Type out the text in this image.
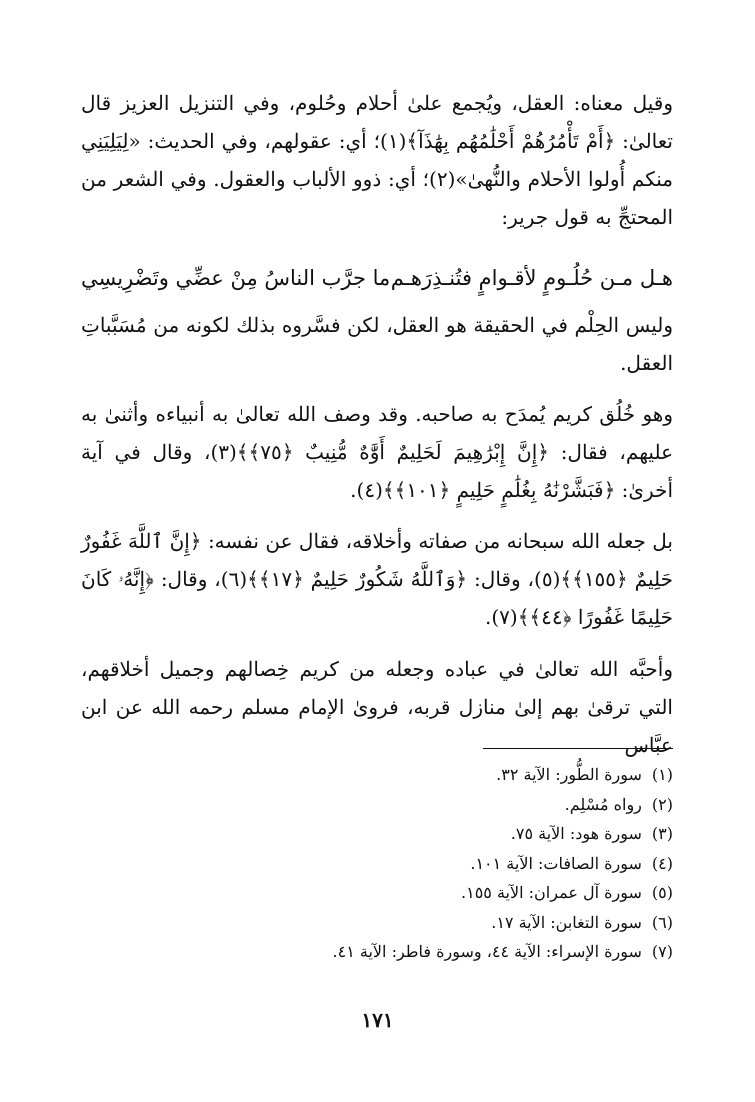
وقيل معناه: العقل، ويُجمع علىٰ أحلام وحُلوم، وفي التنزيل العزيز قال تعالىٰ: ﴿أَمْ تَأْمُرُهُمْ أَحْلَٰمُهُم بِهَٰذَآ﴾(١)؛ أي: عقولهم، وفي الحديث: «لِيَلِيَنِي منكم أُولوا الأحلام والنُّهىٰ»(٢)؛ أي: ذوو الألباب والعقول. وفي الشعر من المحتجِّ به قول جرير:

هـل مـن حُلُـومٍ لأقـوامٍ فتُنـذِرَهـم
ما جرَّب الناسُ مِنْ عضِّي وتَضْرِيسِي

وليس الحِلْم في الحقيقة هو العقل، لكن فسَّروه بذلك لكونه من مُسَبَّباتِ العقل.

وهو خُلُق كريم يُمدَح به صاحبه. وقد وصف الله تعالىٰ به أنبياءه وأثنىٰ به عليهم، فقال: ﴿إِنَّ إِبْرَٰهِيمَ لَحَلِيمٌ أَوَّٰهٌ مُّنِيبٌ ﴿٧٥﴾﴾(٣)، وقال في آية أخرىٰ: ﴿فَبَشَّرْنَٰهُ بِغُلَٰمٍ حَلِيمٍ ﴿١٠١﴾﴾(٤).

بل جعله الله سبحانه من صفاته وأخلاقه، فقال عن نفسه: ﴿إِنَّ ٱللَّهَ غَفُورٌ حَلِيمٌ ﴿١٥٥﴾﴾(٥)، وقال: ﴿وَٱللَّهُ شَكُورٌ حَلِيمٌ ﴿١٧﴾﴾(٦)، وقال: ﴿إِنَّهُۥ كَانَ حَلِيمًا غَفُورًا ﴿٤٤﴾﴾(٧).

وأحبَّه الله تعالىٰ في عباده وجعله من كريم خِصالهم وجميل أخلاقهم، التي ترقىٰ بهم إلىٰ منازل قربه، فروىٰ الإمام مسلم رحمه الله عن ابن عبَّاس

(١) سورة الطُّور: الآية ٣٢.
(٢) رواه مُسْلِم.
(٣) سورة هود: الآية ٧٥.
(٤) سورة الصافات: الآية ١٠١.
(٥) سورة آل عمران: الآية ١٥٥.
(٦) سورة التغابن: الآية ١٧.
(٧) سورة الإسراء: الآية ٤٤، وسورة فاطر: الآية ٤١.
١٧١
